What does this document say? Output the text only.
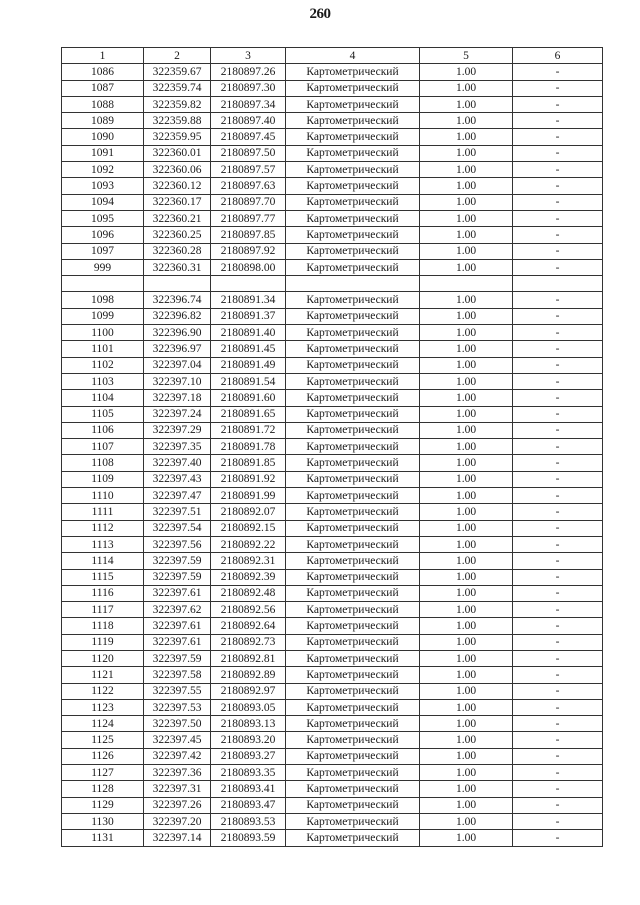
260
1	2	3	4	5	6
1086	322359.67	2180897.26	Картометрический	1.00	-
1087	322359.74	2180897.30	Картометрический	1.00	-
1088	322359.82	2180897.34	Картометрический	1.00	-
1089	322359.88	2180897.40	Картометрический	1.00	-
1090	322359.95	2180897.45	Картометрический	1.00	-
1091	322360.01	2180897.50	Картометрический	1.00	-
1092	322360.06	2180897.57	Картометрический	1.00	-
1093	322360.12	2180897.63	Картометрический	1.00	-
1094	322360.17	2180897.70	Картометрический	1.00	-
1095	322360.21	2180897.77	Картометрический	1.00	-
1096	322360.25	2180897.85	Картометрический	1.00	-
1097	322360.28	2180897.92	Картометрический	1.00	-
999	322360.31	2180898.00	Картометрический	1.00	-

1098	322396.74	2180891.34	Картометрический	1.00	-
1099	322396.82	2180891.37	Картометрический	1.00	-
1100	322396.90	2180891.40	Картометрический	1.00	-
1101	322396.97	2180891.45	Картометрический	1.00	-
1102	322397.04	2180891.49	Картометрический	1.00	-
1103	322397.10	2180891.54	Картометрический	1.00	-
1104	322397.18	2180891.60	Картометрический	1.00	-
1105	322397.24	2180891.65	Картометрический	1.00	-
1106	322397.29	2180891.72	Картометрический	1.00	-
1107	322397.35	2180891.78	Картометрический	1.00	-
1108	322397.40	2180891.85	Картометрический	1.00	-
1109	322397.43	2180891.92	Картометрический	1.00	-
1110	322397.47	2180891.99	Картометрический	1.00	-
1111	322397.51	2180892.07	Картометрический	1.00	-
1112	322397.54	2180892.15	Картометрический	1.00	-
1113	322397.56	2180892.22	Картометрический	1.00	-
1114	322397.59	2180892.31	Картометрический	1.00	-
1115	322397.59	2180892.39	Картометрический	1.00	-
1116	322397.61	2180892.48	Картометрический	1.00	-
1117	322397.62	2180892.56	Картометрический	1.00	-
1118	322397.61	2180892.64	Картометрический	1.00	-
1119	322397.61	2180892.73	Картометрический	1.00	-
1120	322397.59	2180892.81	Картометрический	1.00	-
1121	322397.58	2180892.89	Картометрический	1.00	-
1122	322397.55	2180892.97	Картометрический	1.00	-
1123	322397.53	2180893.05	Картометрический	1.00	-
1124	322397.50	2180893.13	Картометрический	1.00	-
1125	322397.45	2180893.20	Картометрический	1.00	-
1126	322397.42	2180893.27	Картометрический	1.00	-
1127	322397.36	2180893.35	Картометрический	1.00	-
1128	322397.31	2180893.41	Картометрический	1.00	-
1129	322397.26	2180893.47	Картометрический	1.00	-
1130	322397.20	2180893.53	Картометрический	1.00	-
1131	322397.14	2180893.59	Картометрический	1.00	-
